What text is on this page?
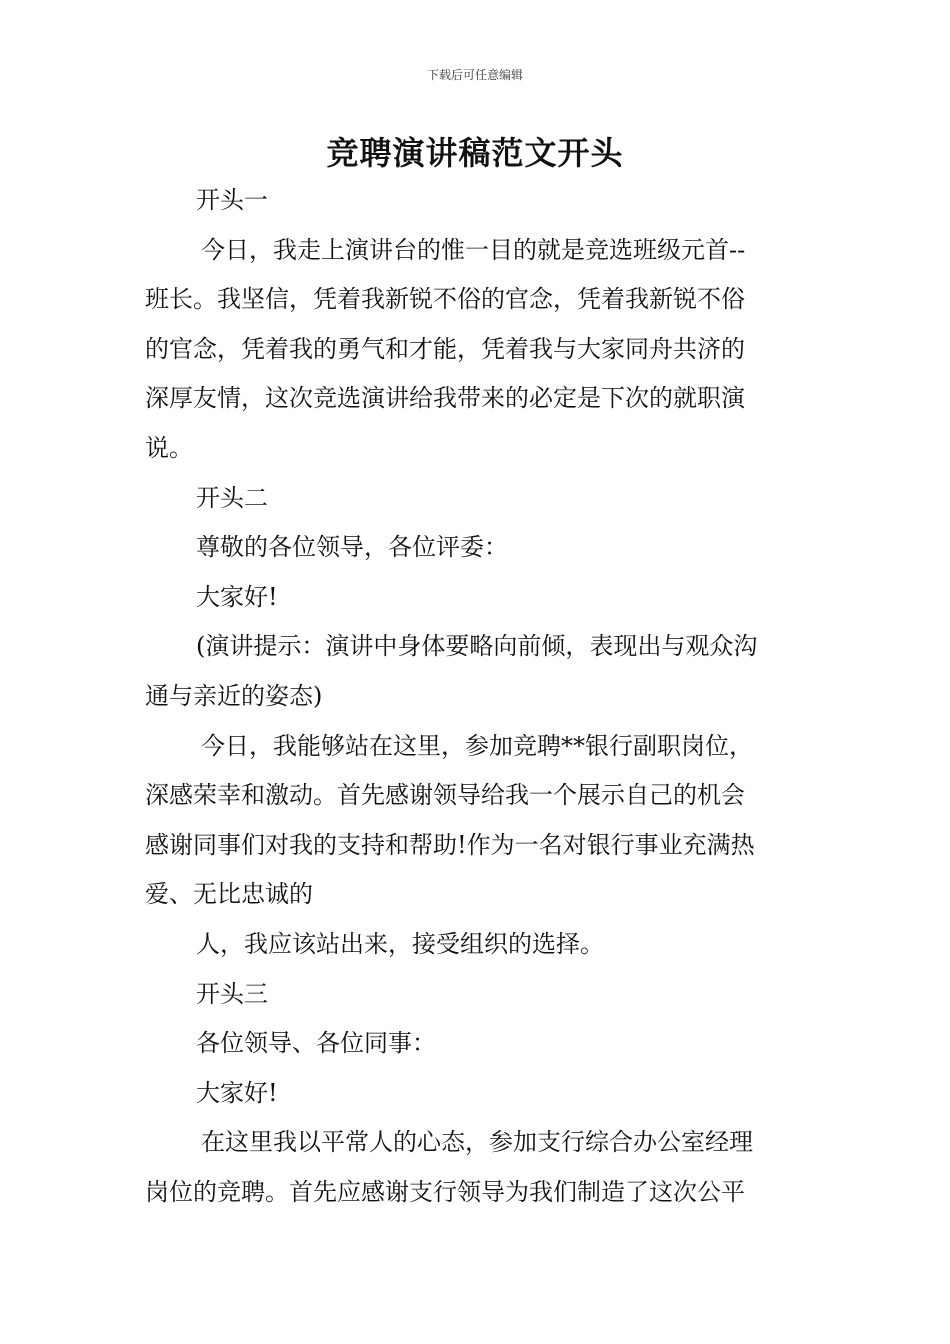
下载后可任意编辑
竞聘演讲稿范文开头
开头一
今日，我走上演讲台的惟一目的就是竞选班级元首--
班长。我坚信，凭着我新锐不俗的官念，凭着我新锐不俗
的官念，凭着我的勇气和才能，凭着我与大家同舟共济的
深厚友情，这次竞选演讲给我带来的必定是下次的就职演
说。
开头二
尊敬的各位领导，各位评委：
大家好!
(演讲提示：演讲中身体要略向前倾，表现出与观众沟
通与亲近的姿态)
今日，我能够站在这里，参加竞聘**银行副职岗位，
深感荣幸和激动。首先感谢领导给我一个展示自己的机会
感谢同事们对我的支持和帮助!作为一名对银行事业充满热
爱、无比忠诚的
人，我应该站出来，接受组织的选择。
开头三
各位领导、各位同事：
大家好!
在这里我以平常人的心态，参加支行综合办公室经理
岗位的竞聘。首先应感谢支行领导为我们制造了这次公平
